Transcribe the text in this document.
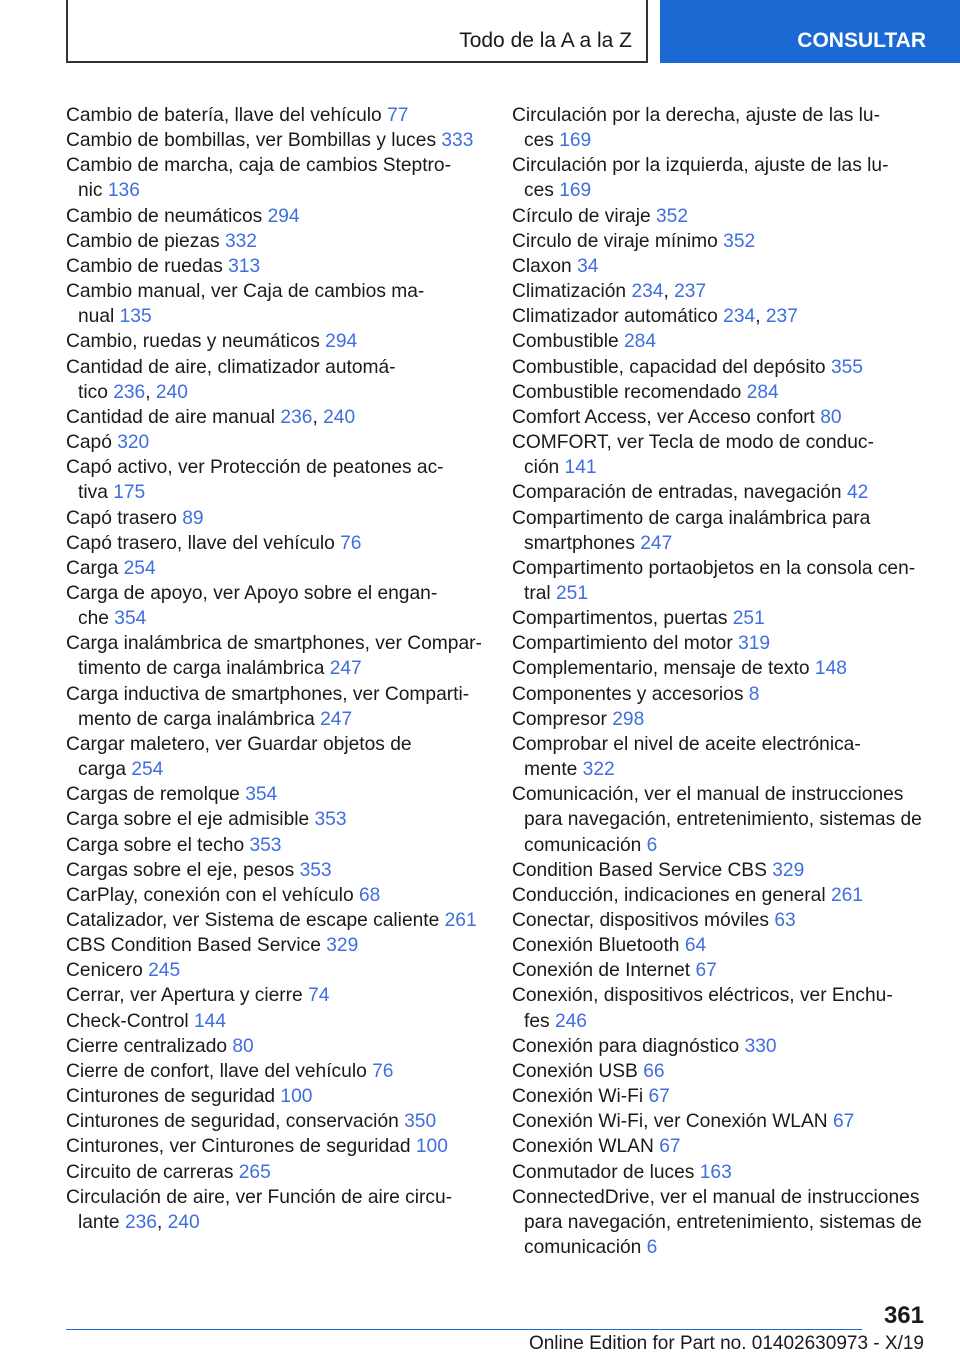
Todo de la A a la Z	CONSULTAR
Cambio de batería, llave del vehículo 77
Cambio de bombillas, ver Bombillas y luces 333
Cambio de marcha, caja de cambios Steptro-
nic 136
Cambio de neumáticos 294
Cambio de piezas 332
Cambio de ruedas 313
Cambio manual, ver Caja de cambios ma-
nual 135
Cambio, ruedas y neumáticos 294
Cantidad de aire, climatizador automá-
tico 236, 240
Cantidad de aire manual 236, 240
Capó 320
Capó activo, ver Protección de peatones ac-
tiva 175
Capó trasero 89
Capó trasero, llave del vehículo 76
Carga 254
Carga de apoyo, ver Apoyo sobre el engan-
che 354
Carga inalámbrica de smartphones, ver Compar-
timento de carga inalámbrica 247
Carga inductiva de smartphones, ver Comparti-
mento de carga inalámbrica 247
Cargar maletero, ver Guardar objetos de
carga 254
Cargas de remolque 354
Carga sobre el eje admisible 353
Carga sobre el techo 353
Cargas sobre el eje, pesos 353
CarPlay, conexión con el vehículo 68
Catalizador, ver Sistema de escape caliente 261
CBS Condition Based Service 329
Cenicero 245
Cerrar, ver Apertura y cierre 74
Check-Control 144
Cierre centralizado 80
Cierre de confort, llave del vehículo 76
Cinturones de seguridad 100
Cinturones de seguridad, conservación 350
Cinturones, ver Cinturones de seguridad 100
Circuito de carreras 265
Circulación de aire, ver Función de aire circu-
lante 236, 240
Circulación por la derecha, ajuste de las lu-
ces 169
Circulación por la izquierda, ajuste de las lu-
ces 169
Círculo de viraje 352
Circulo de viraje mínimo 352
Claxon 34
Climatización 234, 237
Climatizador automático 234, 237
Combustible 284
Combustible, capacidad del depósito 355
Combustible recomendado 284
Comfort Access, ver Acceso confort 80
COMFORT, ver Tecla de modo de conduc-
ción 141
Comparación de entradas, navegación 42
Compartimento de carga inalámbrica para
smartphones 247
Compartimento portaobjetos en la consola cen-
tral 251
Compartimentos, puertas 251
Compartimiento del motor 319
Complementario, mensaje de texto 148
Componentes y accesorios 8
Compresor 298
Comprobar el nivel de aceite electrónica-
mente 322
Comunicación, ver el manual de instrucciones
para navegación, entretenimiento, sistemas de
comunicación 6
Condition Based Service CBS 329
Conducción, indicaciones en general 261
Conectar, dispositivos móviles 63
Conexión Bluetooth 64
Conexión de Internet 67
Conexión, dispositivos eléctricos, ver Enchu-
fes 246
Conexión para diagnóstico 330
Conexión USB 66
Conexión Wi-Fi 67
Conexión Wi-Fi, ver Conexión WLAN 67
Conexión WLAN 67
Conmutador de luces 163
ConnectedDrive, ver el manual de instrucciones
para navegación, entretenimiento, sistemas de
comunicación 6
361
Online Edition for Part no. 01402630973 - X/19
